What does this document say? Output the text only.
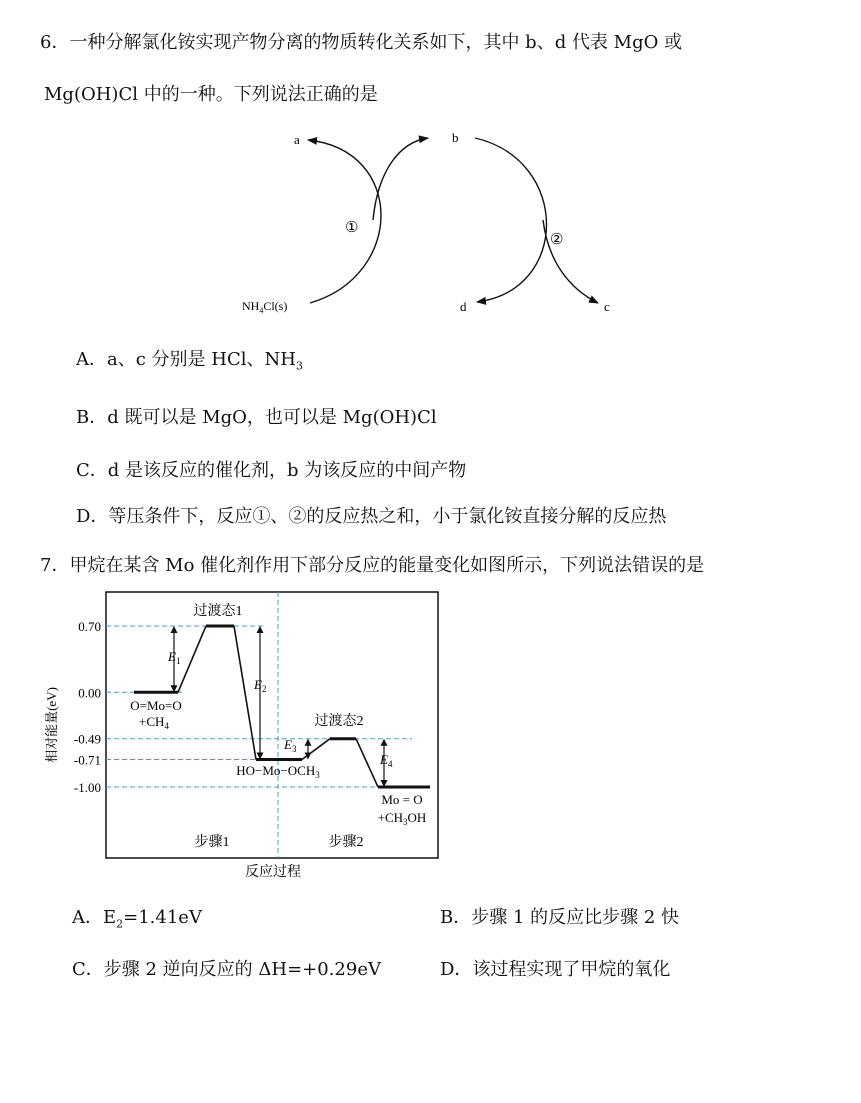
6．一种分解氯化铵实现产物分离的物质转化关系如下，其中 b、d 代表 MgO 或
Mg(OH)Cl 中的一种。下列说法正确的是
a	b
d	c
①
②
$NH_4Cl(s)$
A．a、c 分别是 HCl、$NH_3$
B．d 既可以是 MgO，也可以是 Mg(OH)Cl
C．d 是该反应的催化剂，b 为该反应的中间产物
D．等压条件下，反应①、②的反应热之和，小于氯化铵直接分解的反应热
7．甲烷在某含 Mo 催化剂作用下部分反应的能量变化如图所示，下列说法错误的是
0.70
0.00
-0.49
-0.71
-1.00
$E_1$
$E_2$
$E_3$
$E_4$
过渡态1
过渡态2
O=Mo=O
$+CH_4$
$HO-Mo-OCH_3$
Mo = O
$+CH_3OH$
步骤1	步骤2
反应过程
相对能量(eV)
A．$E_2=1.41eV$	B．步骤 1 的反应比步骤 2 快
C．步骤 2 逆向反应的 ΔH=+0.29eV	D．该过程实现了甲烷的氧化
